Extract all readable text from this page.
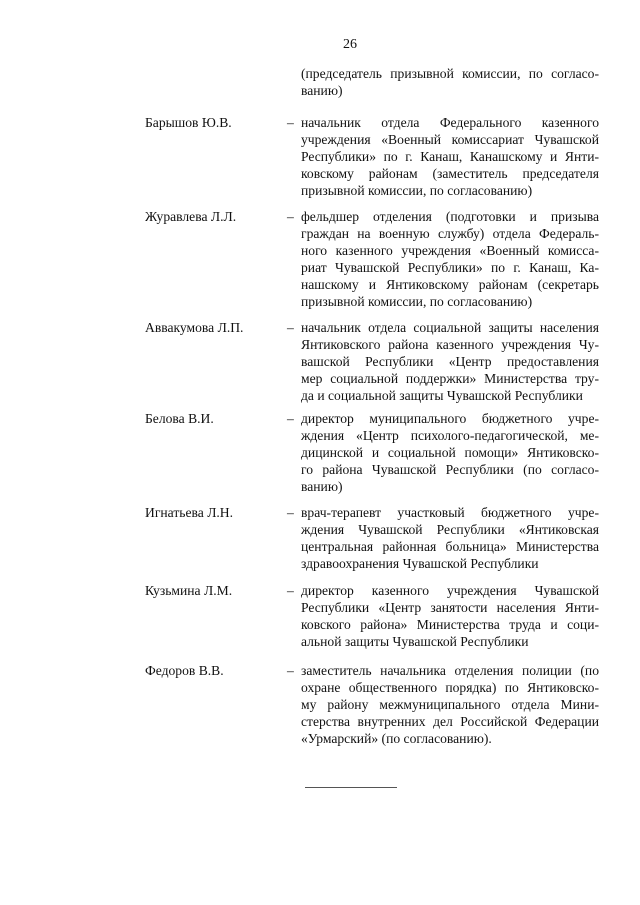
26
(председатель призывной комиссии, по согласо-
ванию)
Барышов Ю.В.	– начальник отдела Федерального казенного
учреждения «Военный комиссариат Чувашской
Республики» по г. Канаш, Канашскому и Янти-
ковскому районам (заместитель председателя
призывной комиссии, по согласованию)
Журавлева Л.Л.	– фельдшер отделения (подготовки и призыва
граждан на военную службу) отдела Федераль-
ного казенного учреждения «Военный комисса-
риат Чувашской Республики» по г. Канаш, Ка-
нашскому и Янтиковскому районам (секретарь
призывной комиссии, по согласованию)
Аввакумова Л.П.	– начальник отдела социальной защиты населения
Янтиковского района казенного учреждения Чу-
вашской Республики «Центр предоставления
мер социальной поддержки» Министерства тру-
да и социальной защиты Чувашской Республики
Белова В.И.	– директор муниципального бюджетного учре-
ждения «Центр психолого-педагогической, ме-
дицинской и социальной помощи» Янтиковско-
го района Чувашской Республики (по согласо-
ванию)
Игнатьева Л.Н.	– врач-терапевт участковый бюджетного учре-
ждения Чувашской Республики «Янтиковская
центральная районная больница» Министерства
здравоохранения Чувашской Республики
Кузьмина Л.М.	– директор казенного учреждения Чувашской
Республики «Центр занятости населения Янти-
ковского района» Министерства труда и соци-
альной защиты Чувашской Республики
Федоров В.В.	– заместитель начальника отделения полиции (по
охране общественного порядка) по Янтиковско-
му району межмуниципального отдела Мини-
стерства внутренних дел Российской Федерации
«Урмарский» (по согласованию).
